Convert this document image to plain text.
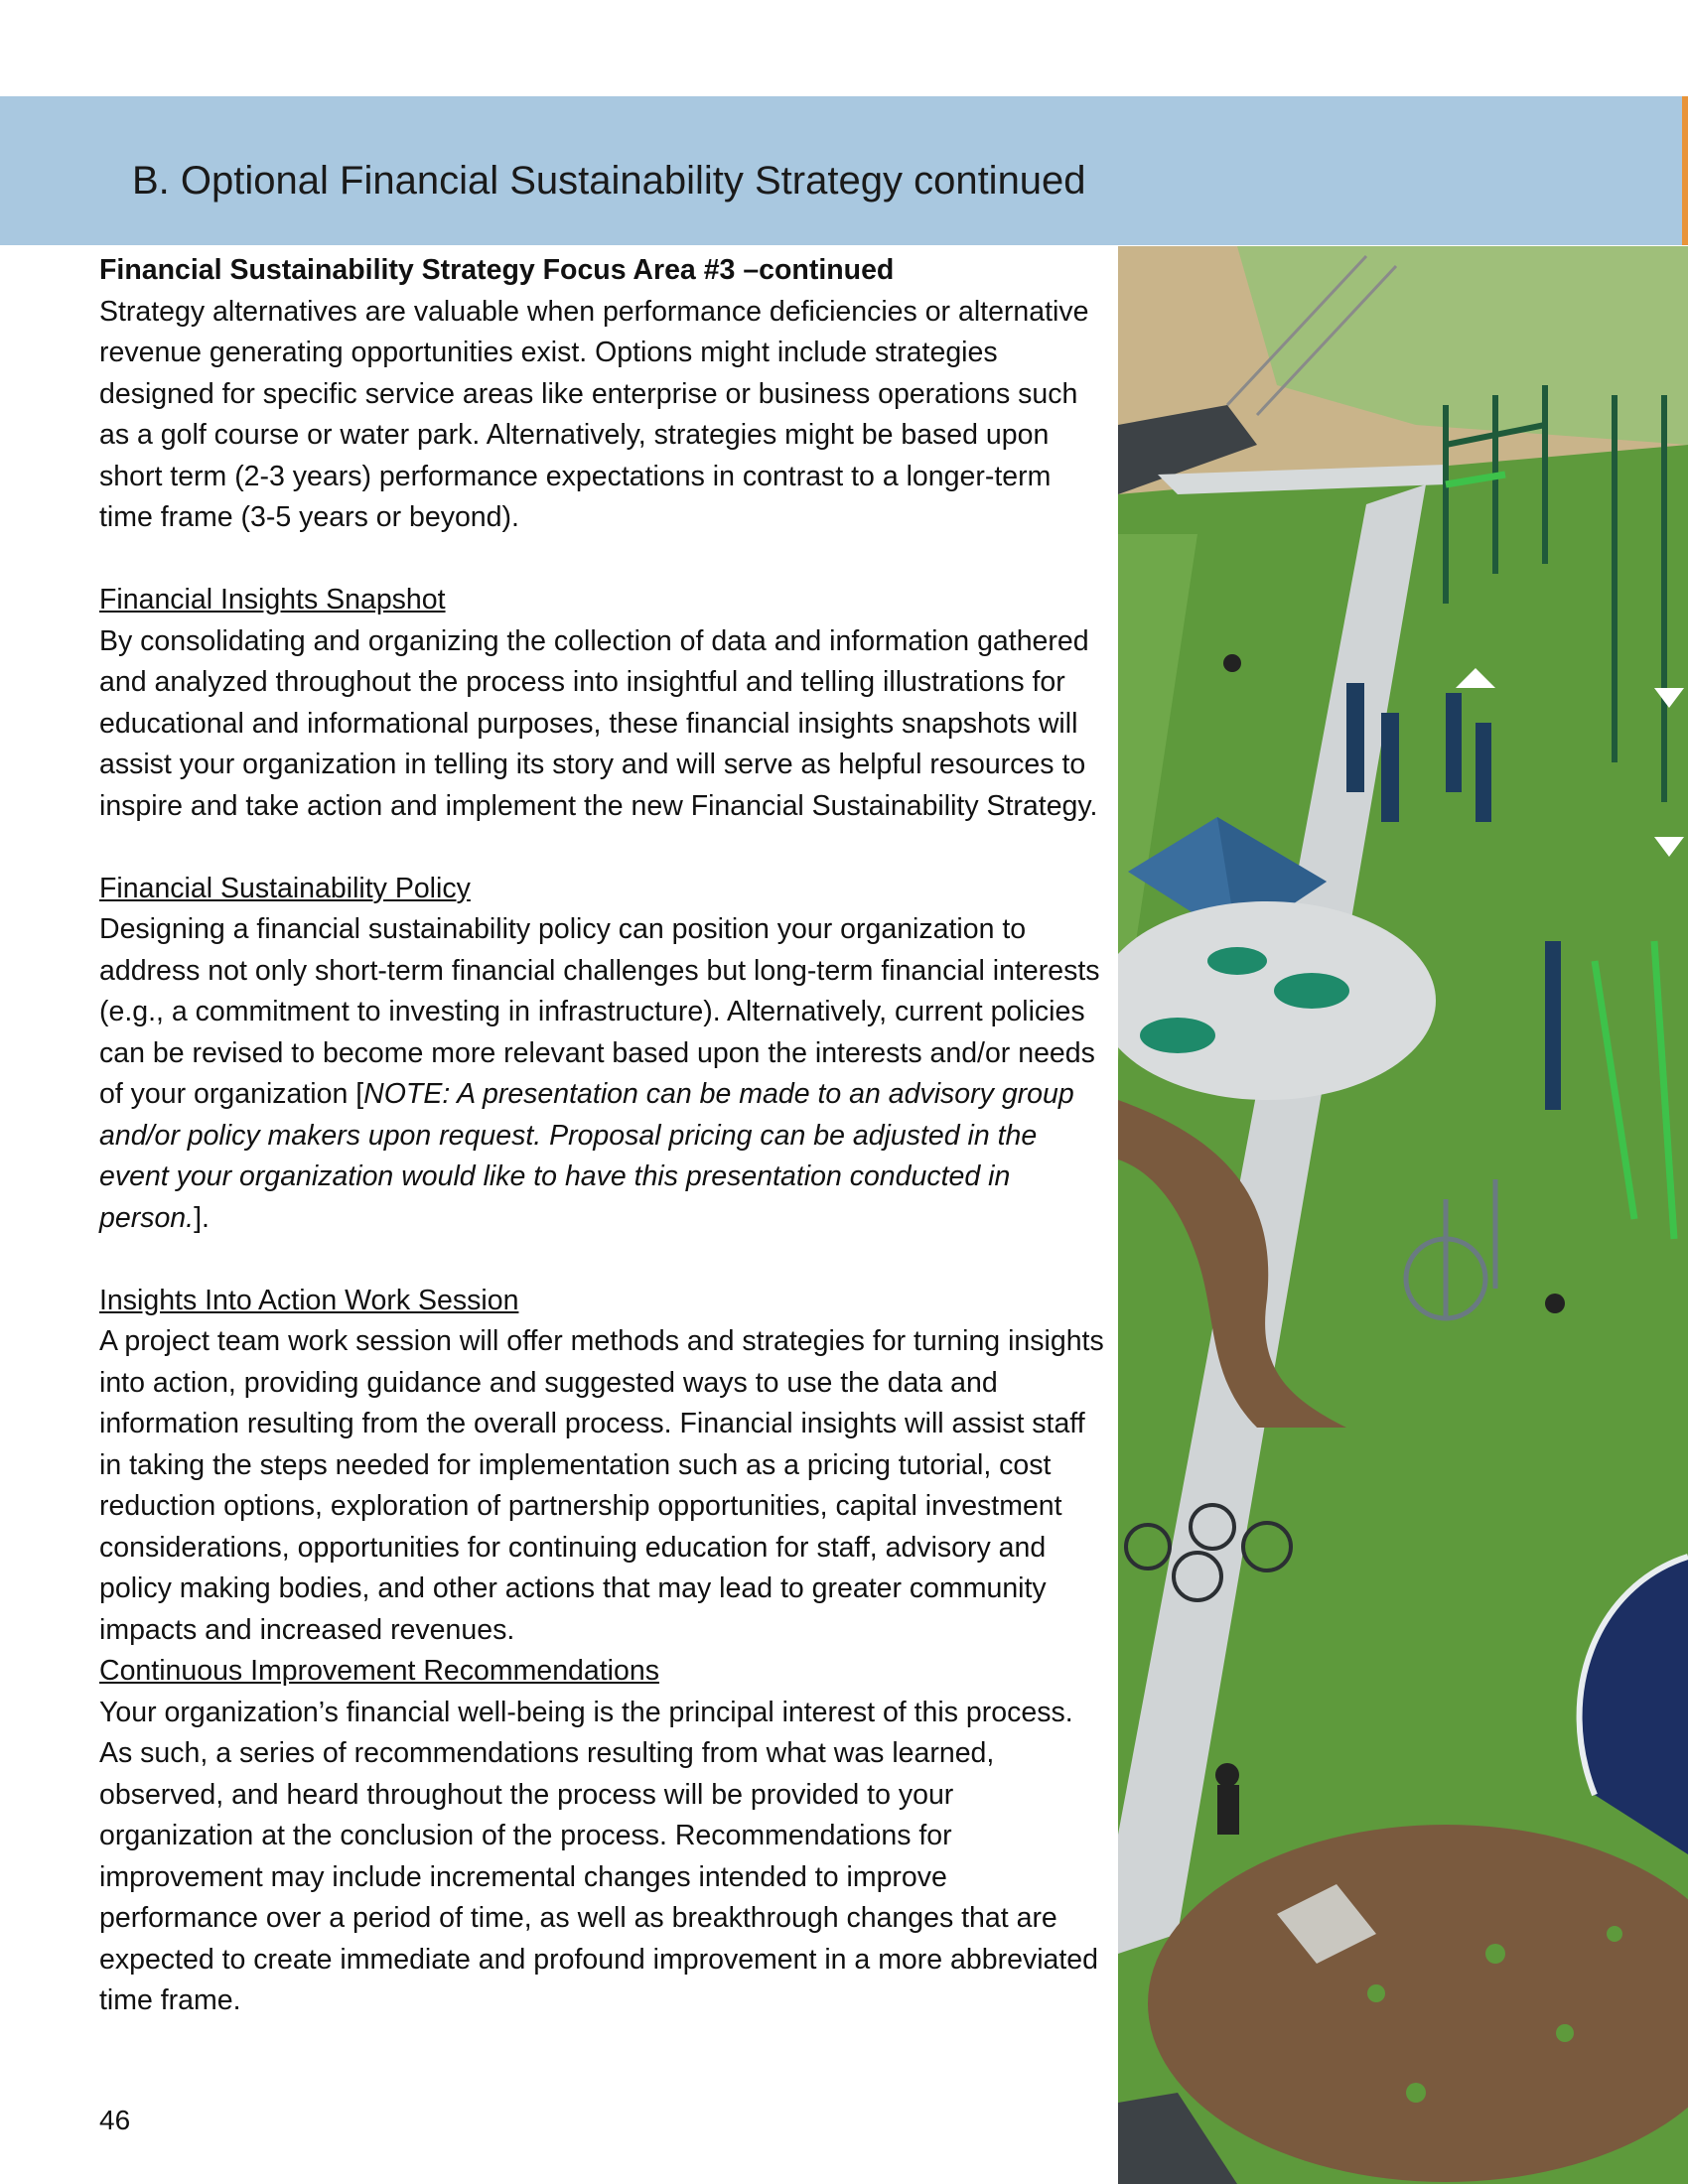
B. Optional Financial Sustainability Strategy continued

Financial Sustainability Strategy Focus Area #3 –continued

Strategy alternatives are valuable when performance deficiencies or alternative revenue generating opportunities exist. Options might include strategies designed for specific service areas like enterprise or business operations such as a golf course or water park. Alternatively, strategies might be based upon short term (2-3 years) performance expectations in contrast to a longer-term time frame (3-5 years or beyond).

Financial Insights Snapshot

By consolidating and organizing the collection of data and information gathered and analyzed throughout the process into insightful and telling illustrations for educational and informational purposes, these financial insights snapshots will assist your organization in telling its story and will serve as helpful resources to inspire and take action and implement the new Financial Sustainability Strategy.

Financial Sustainability Policy

Designing a financial sustainability policy can position your organization to address not only short-term financial challenges but long-term financial interests (e.g., a commitment to investing in infrastructure). Alternatively, current policies can be revised to become more relevant based upon the interests and/or needs of your organization [NOTE: A presentation can be made to an advisory group and/or policy makers upon request. Proposal pricing can be adjusted in the event your organization would like to have this presentation conducted in person.].

Insights Into Action Work Session

A project team work session will offer methods and strategies for turning insights into action, providing guidance and suggested ways to use the data and information resulting from the overall process. Financial insights will assist staff in taking the steps needed for implementation such as a pricing tutorial, cost reduction options, exploration of partnership opportunities, capital investment considerations, opportunities for continuing education for staff, advisory and policy making bodies, and other actions that may lead to greater community impacts and increased revenues.

Continuous Improvement Recommendations

Your organization’s financial well-being is the principal interest of this process. As such, a series of recommendations resulting from what was learned, observed, and heard throughout the process will be provided to your organization at the conclusion of the process. Recommendations for improvement may include incremental changes intended to improve performance over a period of time, as well as breakthrough changes that are expected to create immediate and profound improvement in a more abbreviated time frame.

46
